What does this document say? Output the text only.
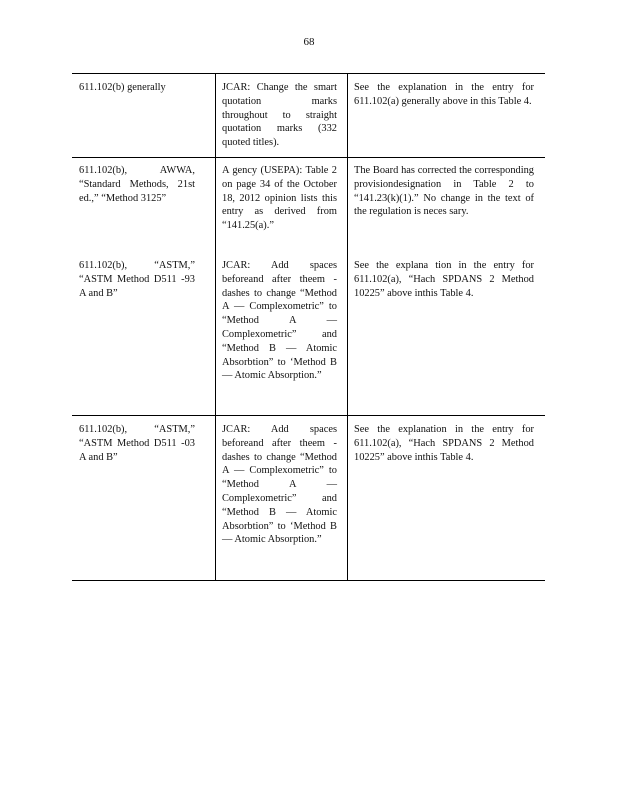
68
611.102(b) generally	JCAR: Change the smart quotation marks throughout to straight quotation marks (332 quoted titles).
See the explanation in the entry for 611.102(a) generally above in this Table 4.
611.102(b), AWWA, “Standard Methods, 21st ed.,” “Method 3125”
A gency (USEPA): Table 2 on page 34 of the October 18, 2012 opinion lists this entry as derived from “141.25(a).”
The Board has corrected the corresponding provisiondesignation in Table 2 to “141.23(k)(1).” No change in the text of the regulation is neces sary.
611.102(b), “ASTM,” “ASTM Method D511 -93 A and B”
JCAR: Add spaces beforeand after theem - dashes to change “Method A — Complexometric” to “Method A — Complexometric” and “Method B — Atomic Absorbtion” to ‘Method B — Atomic Absorption.”
See the explana tion in the entry for 611.102(a), “Hach SPDANS 2 Method 10225” above inthis Table 4.
611.102(b), “ASTM,” “ASTM Method D511 -03 A and B”
JCAR: Add spaces beforeand after theem - dashes to change “Method A — Complexometric” to “Method A — Complexometric” and “Method B — Atomic Absorbtion” to ‘Method B — Atomic Absorption.”
See the explanation in the entry for 611.102(a), “Hach SPDANS 2 Method 10225” above inthis Table 4.
